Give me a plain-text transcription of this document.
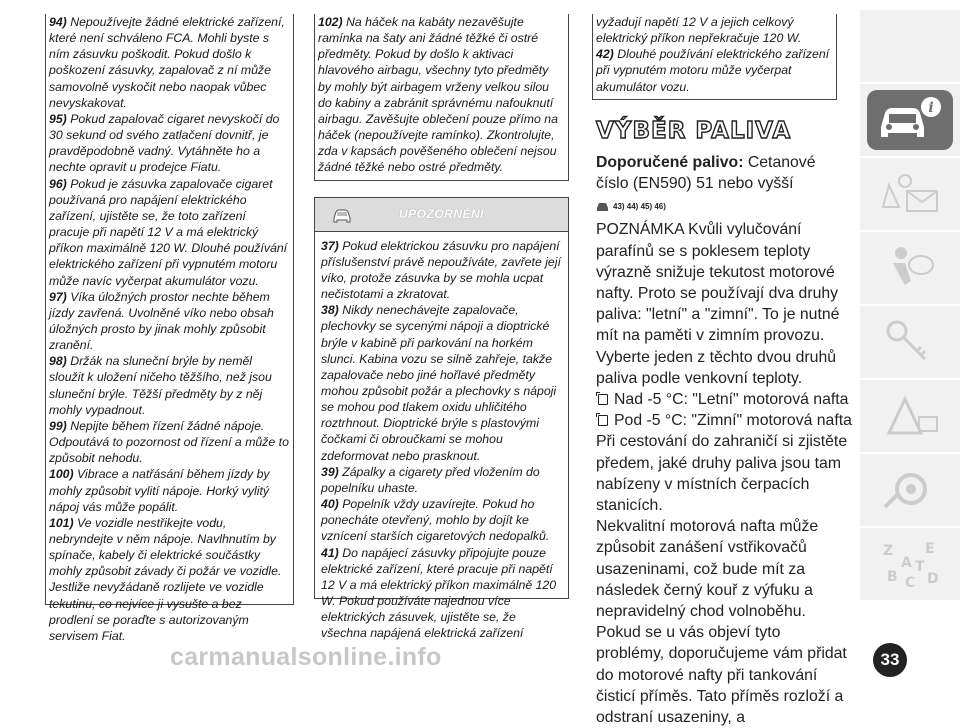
94) Nepoužívejte žádné elektrické zařízení, které není schváleno FCA. Mohli byste s ním zásuvku poškodit. Pokud došlo k poškození zásuvky, zapalovač z ní může samovolně vyskočit nebo naopak vůbec nevyskakovat.

95) Pokud zapalovač cigaret nevyskočí do 30 sekund od svého zatlačení dovnitř, je pravděpodobně vadný. Vytáhněte ho a nechte opravit u prodejce Fiatu.

96) Pokud je zásuvka zapalovače cigaret používaná pro napájení elektrického zařízení, ujistěte se, že toto zařízení pracuje při napětí 12 V a má elektrický příkon maximálně 120 W. Dlouhé používání elektrického zařízení při vypnutém motoru může navíc vyčerpat akumulátor vozu.

97) Víka úložných prostor nechte během jízdy zavřená. Uvolněné víko nebo obsah úložných prosto by jinak mohly způsobit zranění.

98) Držák na sluneční brýle by neměl sloužit k uložení ničeho těžšího, než jsou sluneční brýle. Těžší předměty by z něj mohly vypadnout.

99) Nepijte během řízení žádné nápoje. Odpoutává to pozornost od řízení a může to způsobit nehodu.

100) Vibrace a natřásání během jízdy by mohly způsobit vylití nápoje. Horký vylitý nápoj vás může popálit.

101) Ve vozidle nestřikejte vodu, nebryndejte v něm nápoje. Navlhnutím by spínače, kabely či elektrické součástky mohly způsobit závady či požár ve vozidle. Jestliže nevyžádaně rozlijete ve vozidle tekutinu, co nejvíce ji vysušte a bez prodlení se poraďte s autorizovaným servisem Fiat.

102) Na háček na kabáty nezavěšujte ramínka na šaty ani žádné těžké či ostré předměty. Pokud by došlo k aktivaci hlavového airbagu, všechny tyto předměty by mohly být airbagem vrženy velkou silou do kabiny a zabránit správnému nafouknutí airbagu. Zavěšujte oblečení pouze přímo na háček (nepoužívejte ramínko). Zkontrolujte, zda v kapsách pověšeného oblečení nejsou žádné těžké nebo ostré předměty.

UPOZORNĚNÍ

37) Pokud elektrickou zásuvku pro napájení příslušenství právě nepoužíváte, zavřete její víko, protože zásuvka by se mohla ucpat nečistotami a zkratovat.

38) Nikdy nenechávejte zapalovače, plechovky se sycenými nápoji a dioptrické brýle v kabině při parkování na horkém slunci. Kabina vozu se silně zahřeje, takže zapalovače nebo jiné hořlavé předměty mohou způsobit požár a plechovky s nápoji se mohou pod tlakem oxidu uhličitého roztrhnout. Dioptrické brýle s plastovými čočkami či obroučkami se mohou zdeformovat nebo prasknout.

39) Zápalky a cigarety před vložením do popelníku uhaste.

40) Popelník vždy uzavírejte. Pokud ho ponecháte otevřený, mohlo by dojít ke vznícení starších cigaretových nedopalků.

41) Do napájecí zásuvky připojujte pouze elektrické zařízení, které pracuje při napětí 12 V a má elektrický příkon maximálně 120 W. Pokud používáte najednou více elektrických zásuvek, ujistěte se, že všechna napájená elektrická zařízení

vyžadují napětí 12 V a jejich celkový elektrický příkon nepřekračuje 120 W.

42) Dlouhé používání elektrického zařízení při vypnutém motoru může vyčerpat akumulátor vozu.

VÝBĚR PALIVA

Doporučené palivo: Cetanové číslo (EN590) 51 nebo vyšší

43) 44) 45) 46)

POZNÁMKA Kvůli vylučování parafínů se s poklesem teploty výrazně snižuje tekutost motorové nafty. Proto se používají dva druhy paliva: "letní" a "zimní". To je nutné mít na paměti v zimním provozu. Vyberte jeden z těchto dvou druhů paliva podle venkovní teploty.

Nad -5 °C: "Letní" motorová nafta
Pod -5 °C: "Zimní" motorová nafta

Při cestování do zahraničí si zjistěte předem, jaké druhy paliva jsou tam nabízeny v místních čerpacích stanicích.

Nekvalitní motorová nafta může způsobit zanášení vstřikovačů usazeninami, což bude mít za následek černý kouř z výfuku a nepravidelný chod volnoběhu.

Pokud se u vás objeví tyto problémy, doporučujeme vám přidat do motorové nafty při tankování čisticí příměs. Tato příměs rozloží a odstraní usazeniny, a

i
Z E
B C D
A T
33
carmanualsonline.info
